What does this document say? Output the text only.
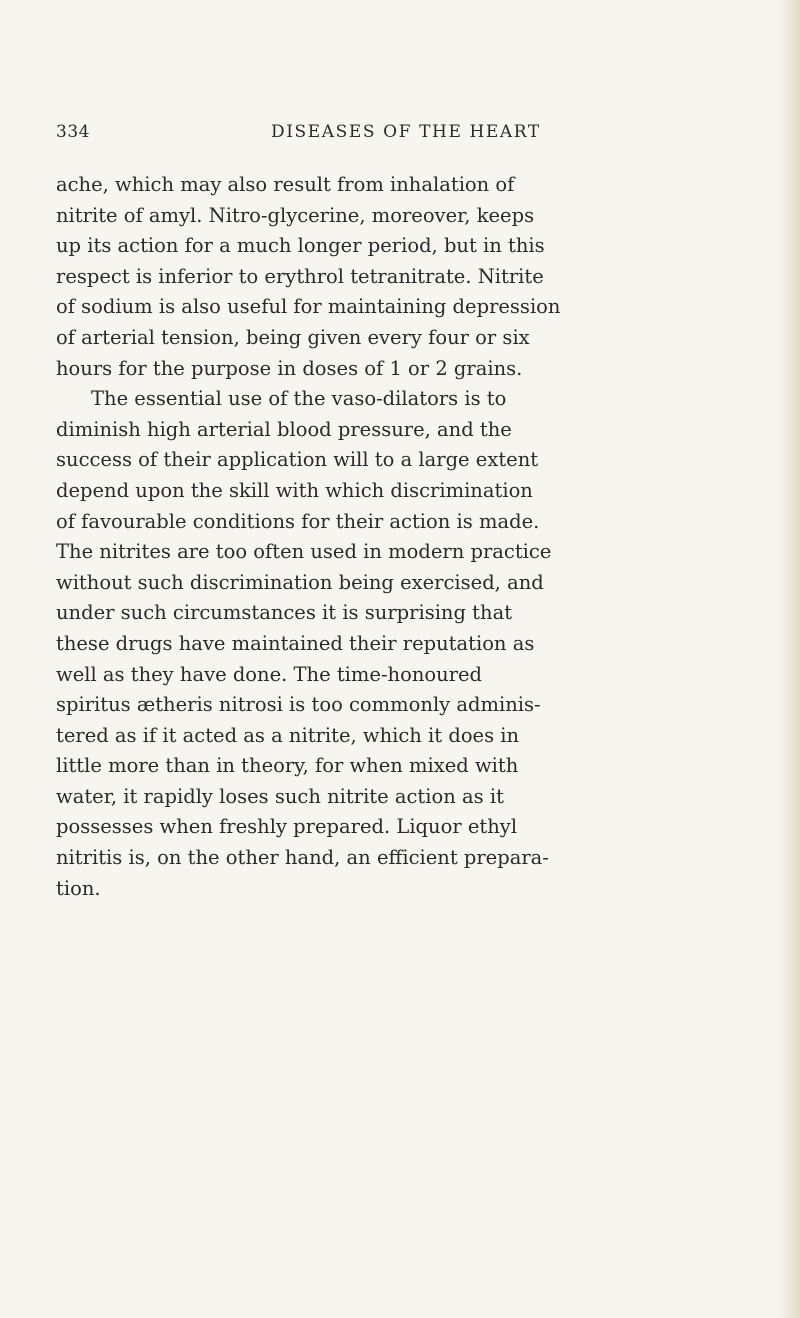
334	DISEASES OF THE HEART
ache, which may also result from inhalation of
nitrite of amyl. Nitro-glycerine, moreover, keeps
up its action for a much longer period, but in this
respect is inferior to erythrol tetranitrate. Nitrite
of sodium is also useful for maintaining depression
of arterial tension, being given every four or six
hours for the purpose in doses of 1 or 2 grains.
The essential use of the vaso-dilators is to
diminish high arterial blood pressure, and the
success of their application will to a large extent
depend upon the skill with which discrimination
of favourable conditions for their action is made.
The nitrites are too often used in modern practice
without such discrimination being exercised, and
under such circumstances it is surprising that
these drugs have maintained their reputation as
well as they have done. The time-honoured
spiritus ætheris nitrosi is too commonly adminis-
tered as if it acted as a nitrite, which it does in
little more than in theory, for when mixed with
water, it rapidly loses such nitrite action as it
possesses when freshly prepared. Liquor ethyl
nitritis is, on the other hand, an efficient prepara-
tion.
